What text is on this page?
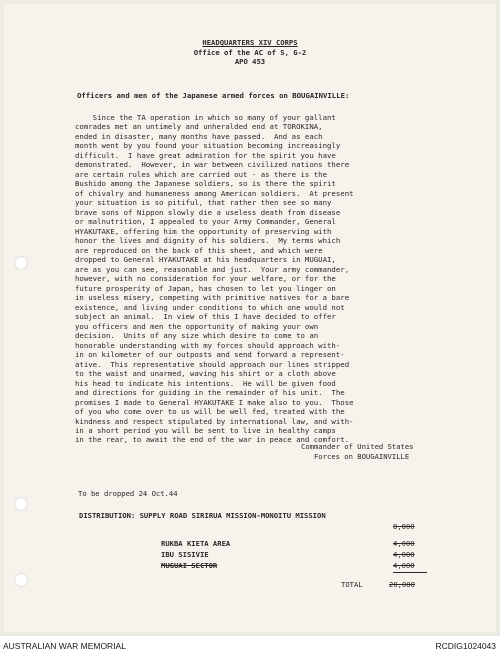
HEADQUARTERS XIV CORPS
Office of the AC of S, G-2
APO 453
Officers and men of the Japanese armed forces on BOUGAINVILLE:
Since the TA operation in which so many of your gallant
comrades met an untimely and unheralded end at TOROKINA,
ended in disaster, many months have passed.  And as each
month went by you found your situation becoming increasingly
difficult.  I have great admiration for the spirit you have
demonstrated.  However, in war between civilized nations there
are certain rules which are carried out - as there is the
Bushido among the Japanese soldiers, so is there the spirit
of chivalry and humaneness among American soldiers.  At present
your situation is so pitiful, that rather then see so many
brave sons of Nippon slowly die a useless death from disease
or malnutrition, I appealed to your Army Commander, General
HYAKUTAKE, offering him the opportunity of preserving with
honor the lives and dignity of his soldiers.  My terms which
are reproduced on the back of this sheet, and which were
dropped to General HYAKUTAKE at his headquarters in MUGUAI,
are as you can see, reasonable and just.  Your army commander,
however, with no consideration for your welfare, or for the
future prosperity of Japan, has chosen to let you linger on
in useless misery, competing with primitive natives for a bare
existence, and living under conditions to which one would not
subject an animal.  In view of this I have decided to offer
you officers and men the opportunity of making your own
decision.  Units of any size which desire to come to an
honorable understanding with my forces should approach with-
in on kilometer of our outposts and send forward a represent-
ative.  This representative should approach our lines stripped
to the waist and unarmed, waving his shirt or a cloth above
his head to indicate his intentions.  He will be given food
and directions for guiding in the remainder of his unit.  The
promises I made to General HYAKUTAKE I make also to you.  Those
of you who come over to us will be well fed, treated with the
kindness and respect stipulated by international law, and with-
in a short period you will be sent to live in healthy camps
in the rear, to await the end of the war in peace and comfort.
Commander of United States
Forces on BOUGAINVILLE
To be dropped 24 Oct.44
DISTRIBUTION: SUPPLY ROAD SIRIRUA MISSION-MONOITU MISSION
8,000
RUKBA KIETA AREA	4,000
IBU SISIVIE	4,000
MUGUAI SECTOR	4,000
TOTAL	20,000
AUSTRALIAN WAR MEMORIAL	RCDIG1024043
